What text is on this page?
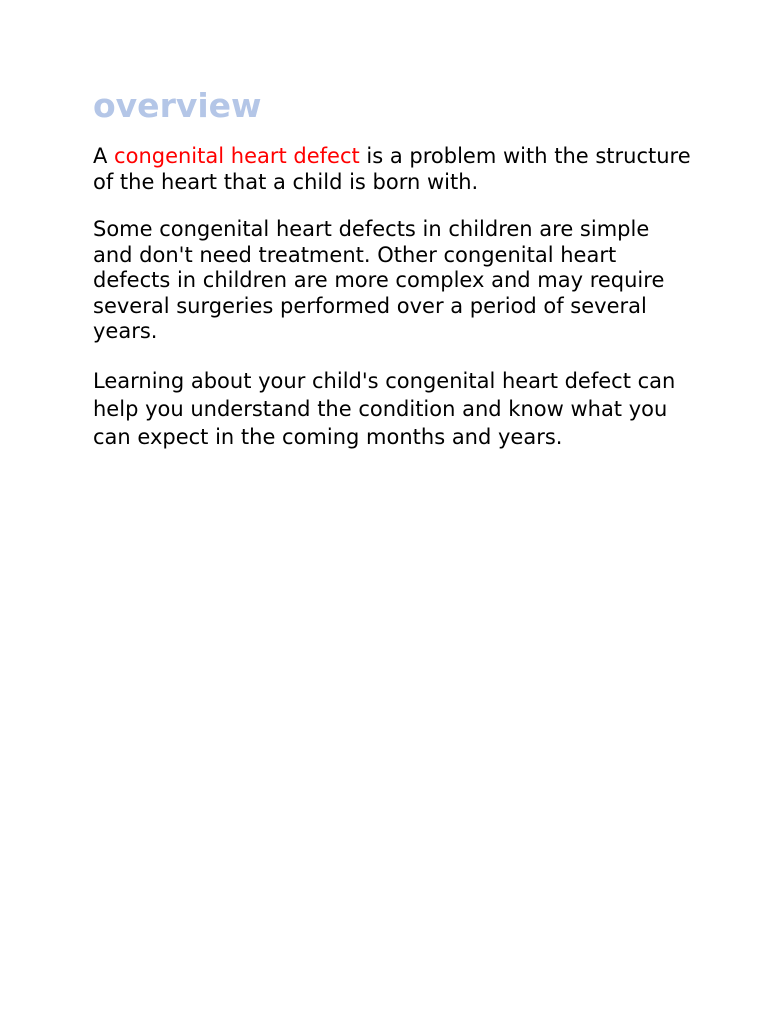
overview

A congenital heart defect is a problem with the structure of the heart that a child is born with.

Some congenital heart defects in children are simple and don't need treatment. Other congenital heart defects in children are more complex and may require several surgeries performed over a period of several years.

Learning about your child's congenital heart defect can help you understand the condition and know what you can expect in the coming months and years.
